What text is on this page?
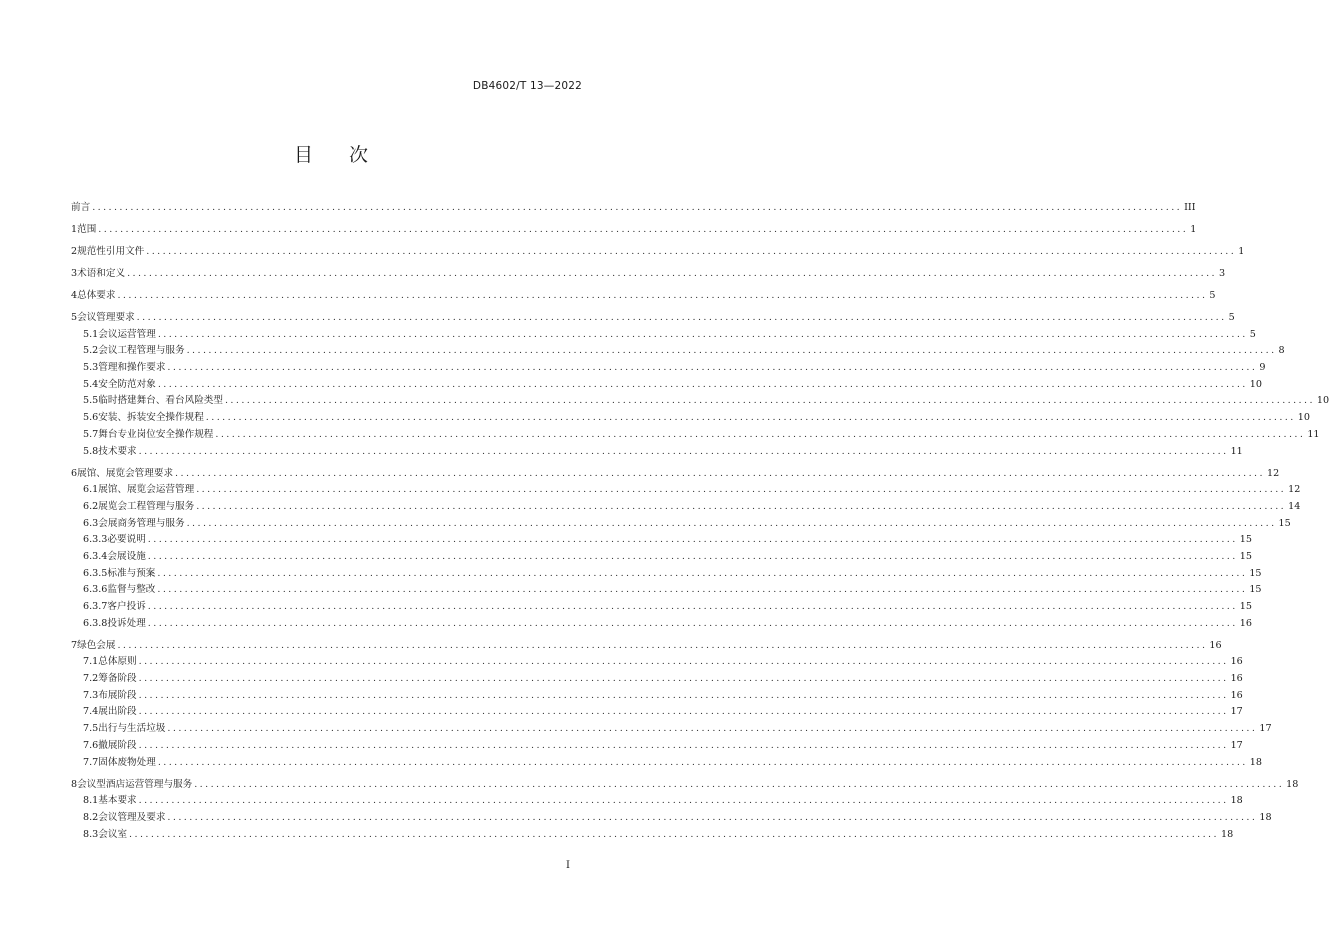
DB4602/T 13—2022
目 次
前言 ........................................................................................................................................................................................................ III
1 范围 ........................................................................................................................................................................................................ 1
2 规范性引用文件 ........................................................................................................................................................................................................ 1
3 术语和定义 ........................................................................................................................................................................................................ 3
4 总体要求 ........................................................................................................................................................................................................ 5
5 会议管理要求 ........................................................................................................................................................................................................ 5
5.1 会议运营管理 ........................................................................................................................................................................................................ 5
5.2 会议工程管理与服务 ........................................................................................................................................................................................................ 8
5.3 管理和操作要求 ........................................................................................................................................................................................................ 9
5.4 安全防范对象 ........................................................................................................................................................................................................ 10
5.5 临时搭建舞台、看台风险类型 ........................................................................................................................................................................................................ 10
5.6 安装、拆装安全操作规程 ........................................................................................................................................................................................................ 10
5.7 舞台专业岗位安全操作规程 ........................................................................................................................................................................................................ 11
5.8 技术要求 ........................................................................................................................................................................................................ 11
6 展馆、展览会管理要求 ........................................................................................................................................................................................................ 12
6.1 展馆、展览会运营管理 ........................................................................................................................................................................................................ 12
6.2 展览会工程管理与服务 ........................................................................................................................................................................................................ 14
6.3 会展商务管理与服务 ........................................................................................................................................................................................................ 15
6.3.3 必要说明 ........................................................................................................................................................................................................ 15
6.3.4 会展设施 ........................................................................................................................................................................................................ 15
6.3.5 标准与预案 ........................................................................................................................................................................................................ 15
6.3.6 监督与整改 ........................................................................................................................................................................................................ 15
6.3.7 客户投诉 ........................................................................................................................................................................................................ 15
6.3.8 投诉处理 ........................................................................................................................................................................................................ 16
7 绿色会展 ........................................................................................................................................................................................................ 16
7.1 总体原则 ........................................................................................................................................................................................................ 16
7.2 筹备阶段 ........................................................................................................................................................................................................ 16
7.3 布展阶段 ........................................................................................................................................................................................................ 16
7.4 展出阶段 ........................................................................................................................................................................................................ 17
7.5 出行与生活垃圾 ........................................................................................................................................................................................................ 17
7.6 撤展阶段 ........................................................................................................................................................................................................ 17
7.7 固体废物处理 ........................................................................................................................................................................................................ 18
8 会议型酒店运营管理与服务 ........................................................................................................................................................................................................ 18
8.1 基本要求 ........................................................................................................................................................................................................ 18
8.2 会议管理及要求 ........................................................................................................................................................................................................ 18
8.3 会议室 ........................................................................................................................................................................................................ 18
I
